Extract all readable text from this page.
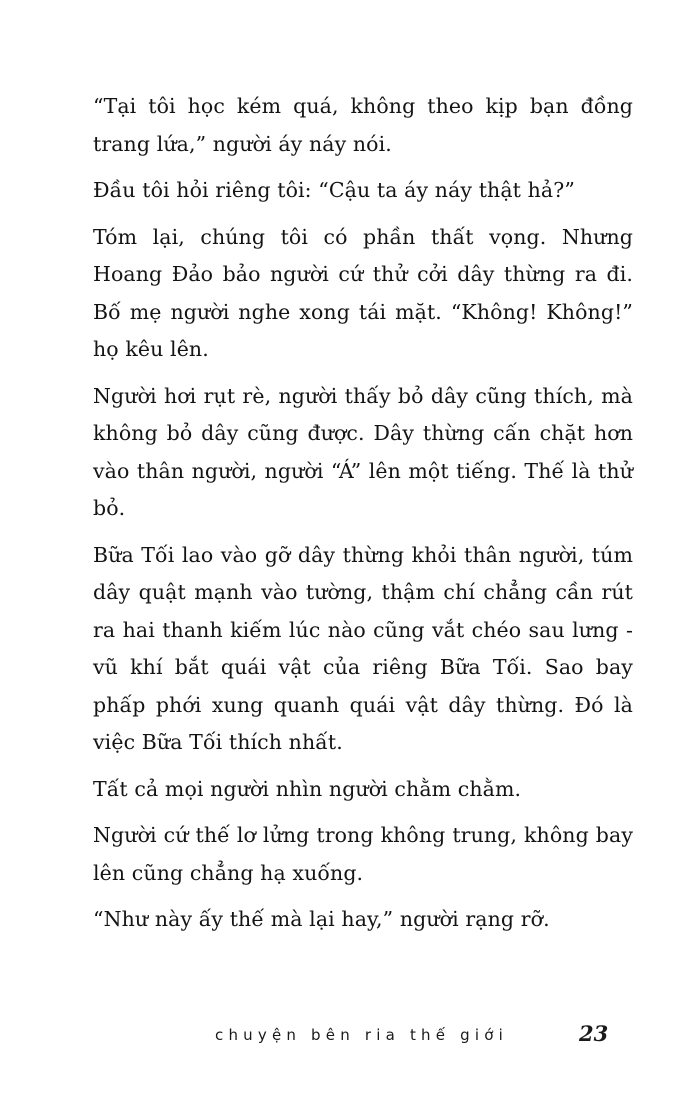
“Tại tôi học kém quá, không theo kịp bạn đồng trang lứa,” người áy náy nói.

Đầu tôi hỏi riêng tôi: “Cậu ta áy náy thật hả?”

Tóm lại, chúng tôi có phần thất vọng. Nhưng Hoang Đảo bảo người cứ thử cởi dây thừng ra đi. Bố mẹ người nghe xong tái mặt. “Không! Không!” họ kêu lên.

Người hơi rụt rè, người thấy bỏ dây cũng thích, mà không bỏ dây cũng được. Dây thừng cấn chặt hơn vào thân người, người “Á” lên một tiếng. Thế là thử bỏ.

Bữa Tối lao vào gỡ dây thừng khỏi thân người, túm dây quật mạnh vào tường, thậm chí chẳng cần rút ra hai thanh kiếm lúc nào cũng vắt chéo sau lưng - vũ khí bắt quái vật của riêng Bữa Tối. Sao bay phấp phới xung quanh quái vật dây thừng. Đó là việc Bữa Tối thích nhất.

Tất cả mọi người nhìn người chằm chằm.

Người cứ thế lơ lửng trong không trung, không bay lên cũng chẳng hạ xuống.

“Như này ấy thế mà lại hay,” người rạng rỡ.

chuyện bên ria thế giới	23
